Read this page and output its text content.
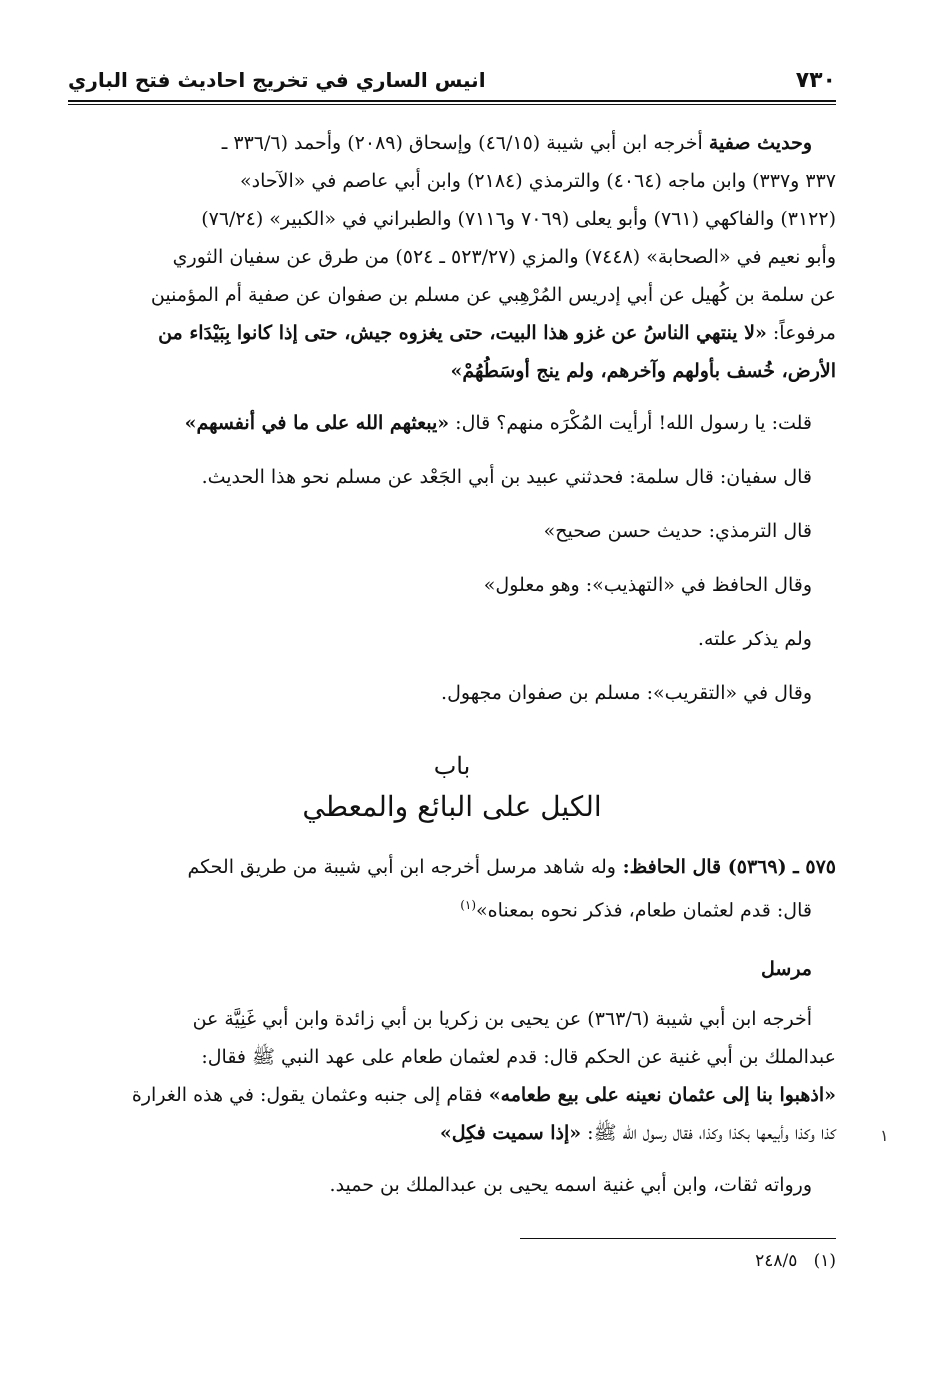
٧٣٠
انيس الساري في تخريج احاديث فتح الباري

وحديث صفية أخرجه ابن أبي شيبة (٤٦/١٥) وإسحاق (٢٠٨٩) وأحمد (٣٣٦/٦ ـ

٣٣٧ و٣٣٧) وابن ماجه (٤٠٦٤) والترمذي (٢١٨٤) وابن أبي عاصم في «الآحاد»

(٣١٢٢) والفاكهي (٧٦١) وأبو يعلى (٧٠٦٩ و٧١١٦) والطبراني في «الكبير» (٧٦/٢٤)

وأبو نعيم في «الصحابة» (٧٤٤٨) والمزي (٥٢٣/٢٧ ـ ٥٢٤) من طرق عن سفيان الثوري

عن سلمة بن كُهيل عن أبي إدريس المُرْهِبي عن مسلم بن صفوان عن صفية أم المؤمنين

مرفوعاً: «لا ينتهي الناسُ عن غزو هذا البيت، حتى يغزوه جيش، حتى إذا كانوا بِبَيْدَاء من

الأرض، خُسف بأولهم وآخرهم، ولم ينج أوسَطُهُمْ»

قلت: يا رسول الله! أرأيت المُكْرَه منهم؟ قال: «يبعثهم الله على ما في أنفسهم»

قال سفيان: قال سلمة: فحدثني عبيد بن أبي الجَعْد عن مسلم نحو هذا الحديث.

قال الترمذي: حديث حسن صحيح»

وقال الحافظ في «التهذيب»: وهو معلول»

ولم يذكر علته.

وقال في «التقريب»: مسلم بن صفوان مجهول.

باب
الكيل على البائع والمعطي

٥٧٥ ـ (٥٣٦٩) قال الحافظ: وله شاهد مرسل أخرجه ابن أبي شيبة من طريق الحكم

قال: قدم لعثمان طعام، فذكر نحوه بمعناه»$^{(١)}$

مرسل

أخرجه ابن أبي شيبة (٣٦٣/٦) عن يحيى بن زكريا بن أبي زائدة وابن أبي غَنِيَّة عن

عبدالملك بن أبي غنية عن الحكم قال: قدم لعثمان طعام على عهد النبي ﷺ فقال:

«اذهبوا بنا إلى عثمان نعينه على بيع طعامه» فقام إلى جنبه وعثمان يقول: في هذه الغرارة

كذا وكذا وأبيعها بكذا وكذا، فقال رسول الله ﷺ: «إذا سميت فكِل»

ورواته ثقات، وابن أبي غنية اسمه يحيى بن عبدالملك بن حميد.

(١)   ٢٤٨/٥
١
